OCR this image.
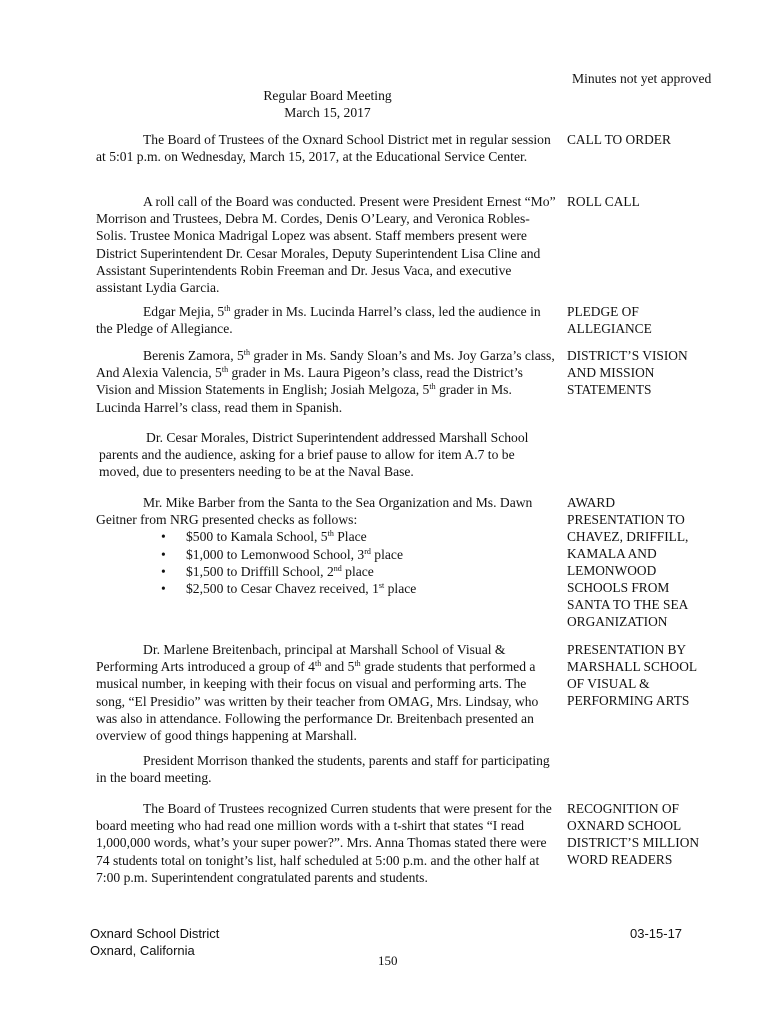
Minutes not yet approved
Regular Board Meeting
March 15, 2017

The Board of Trustees of the Oxnard School District met in regular session at 5:01 p.m. on Wednesday, March 15, 2017, at the Educational Service Center.

CALL TO ORDER

A roll call of the Board was conducted. Present were President Ernest “Mo” Morrison and Trustees, Debra M. Cordes, Denis O’Leary, and Veronica Robles-Solis. Trustee Monica Madrigal Lopez was absent. Staff members present were District Superintendent Dr. Cesar Morales, Deputy Superintendent Lisa Cline and Assistant Superintendents Robin Freeman and Dr. Jesus Vaca, and executive assistant Lydia Garcia.

ROLL CALL

Edgar Mejia, 5th grader in Ms. Lucinda Harrel’s class, led the audience in the Pledge of Allegiance.

PLEDGE OF
ALLEGIANCE

Berenis Zamora, 5th grader in Ms. Sandy Sloan’s and Ms. Joy Garza’s class, And Alexia Valencia, 5th grader in Ms. Laura Pigeon’s class, read the District’s Vision and Mission Statements in English; Josiah Melgoza, 5th grader in Ms. Lucinda Harrel’s class, read them in Spanish.

DISTRICT’S VISION
AND MISSION
STATEMENTS

Dr. Cesar Morales, District Superintendent addressed Marshall School parents and the audience, asking for a brief pause to allow for item A.7 to be moved, due to presenters needing to be at the Naval Base.

Mr. Mike Barber from the Santa to the Sea Organization and Ms. Dawn Geitner from NRG presented checks as follows:

• $500 to Kamala School, 5th Place
• $1,000 to Lemonwood School, 3rd place
• $1,500 to Driffill School, 2nd place
• $2,500 to Cesar Chavez received, 1st place
AWARD
PRESENTATION TO
CHAVEZ, DRIFFILL,
KAMALA AND
LEMONWOOD
SCHOOLS FROM
SANTA TO THE SEA
ORGANIZATION

Dr. Marlene Breitenbach, principal at Marshall School of Visual & Performing Arts introduced a group of 4th and 5th grade students that performed a musical number, in keeping with their focus on visual and performing arts. The song, “El Presidio” was written by their teacher from OMAG, Mrs. Lindsay, who was also in attendance. Following the performance Dr. Breitenbach presented an overview of good things happening at Marshall.

PRESENTATION BY
MARSHALL SCHOOL
OF VISUAL &
PERFORMING ARTS

President Morrison thanked the students, parents and staff for participating in the board meeting.

The Board of Trustees recognized Curren students that were present for the board meeting who had read one million words with a t-shirt that states “I read 1,000,000 words, what’s your super power?”. Mrs. Anna Thomas stated there were 74 students total on tonight’s list, half scheduled at 5:00 p.m. and the other half at 7:00 p.m. Superintendent congratulated parents and students.

RECOGNITION OF
OXNARD SCHOOL
DISTRICT’S MILLION
WORD READERS
Oxnard School District
Oxnard, California
150
03-15-17
